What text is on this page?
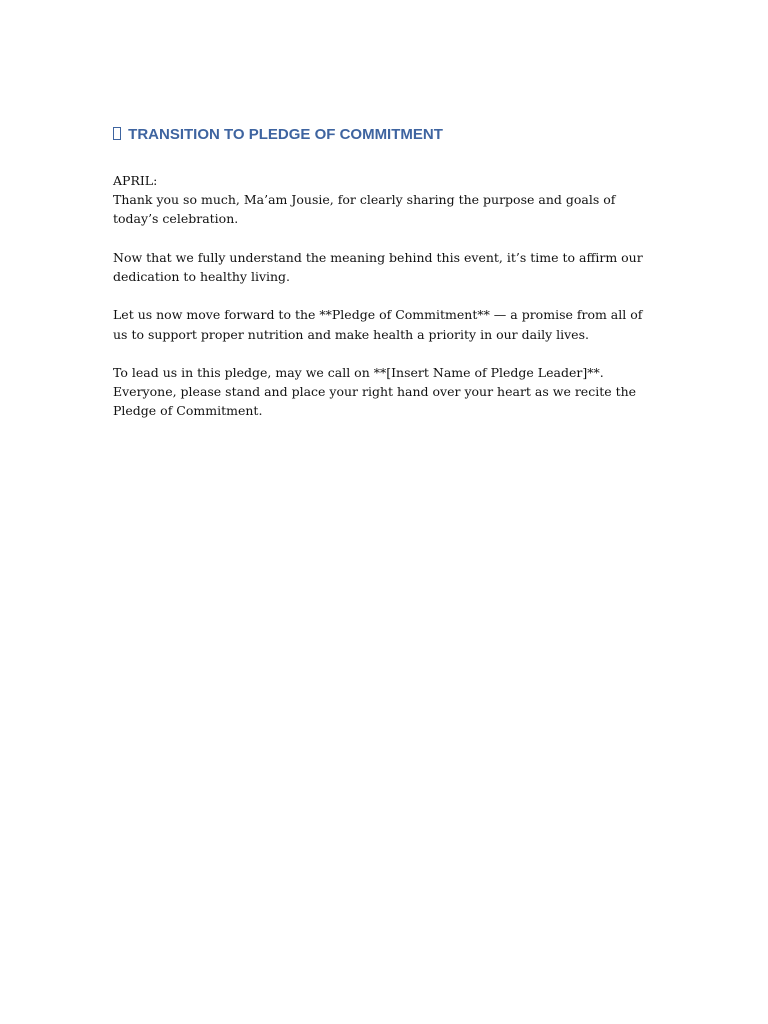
TRANSITION TO PLEDGE OF COMMITMENT

APRIL:
Thank you so much, Ma’am Jousie, for clearly sharing the purpose and goals of today’s celebration.

Now that we fully understand the meaning behind this event, it’s time to affirm our dedication to healthy living.

Let us now move forward to the **Pledge of Commitment** — a promise from all of us to support proper nutrition and make health a priority in our daily lives.

To lead us in this pledge, may we call on **[Insert Name of Pledge Leader]**. Everyone, please stand and place your right hand over your heart as we recite the Pledge of Commitment.
